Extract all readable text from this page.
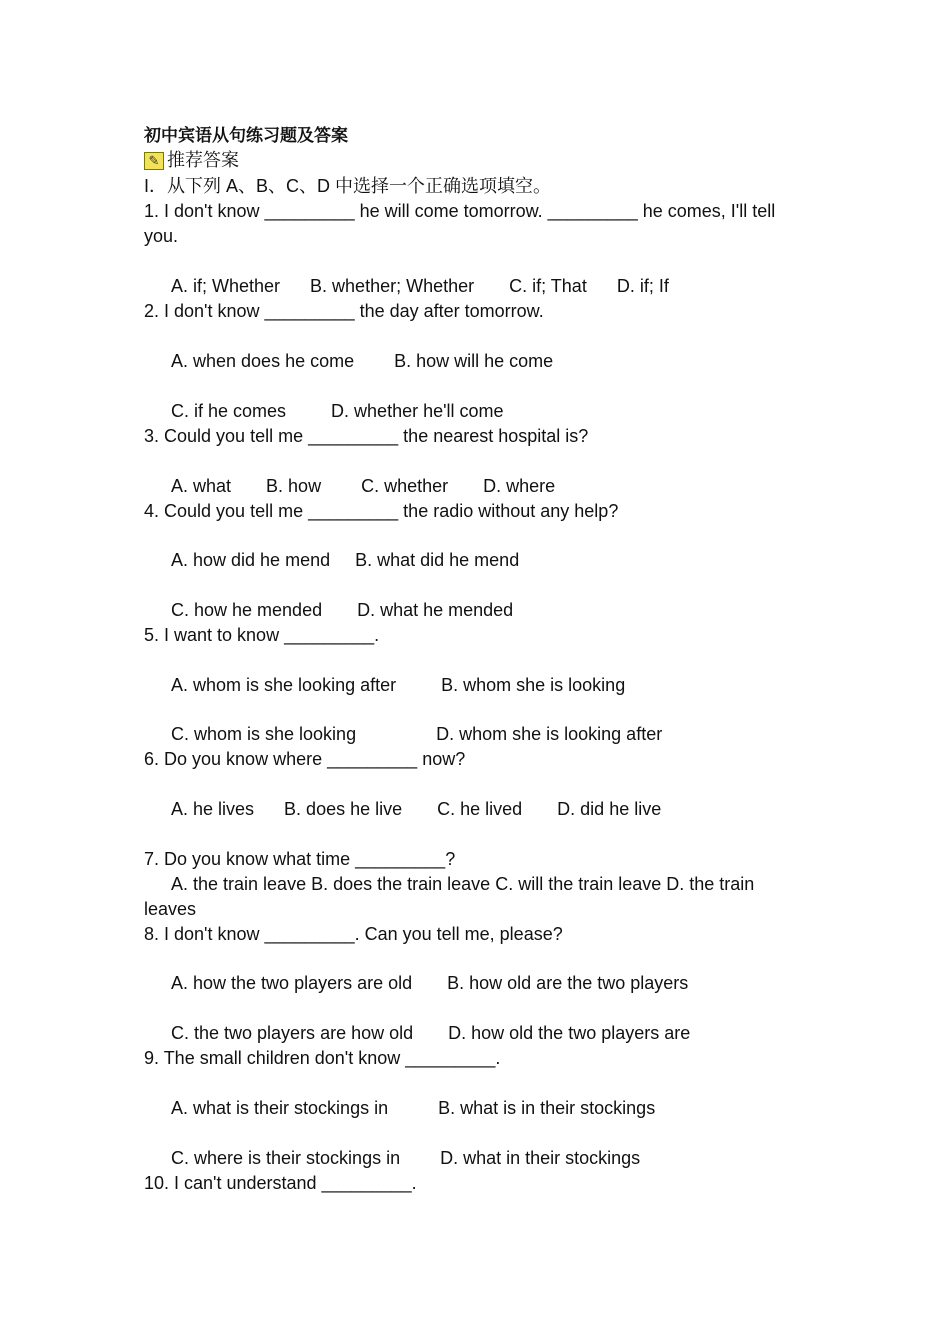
初中宾语从句练习题及答案
✎ 推荐答案
I．从下列 A、B、C、D 中选择一个正确选项填空。
1. I don't know _________ he will come tomorrow. _________ he comes, I'll tell you.
A. if; Whether      B. whether; Whether       C. if; That      D. if; If
2. I don't know _________ the day after tomorrow.
A. when does he come        B. how will he come
C. if he comes         D. whether he'll come
3. Could you tell me _________ the nearest hospital is?
A. what       B. how        C. whether       D. where
4. Could you tell me _________ the radio without any help?
A. how did he mend     B. what did he mend
C. how he mended       D. what he mended
5. I want to know _________.
A. whom is she looking after         B. whom she is looking
C. whom is she looking                D. whom she is looking after
6. Do you know where _________ now?
A. he lives      B. does he live       C. he lived       D. did he live
7. Do you know what time _________?
A. the train leave B. does the train leave C. will the train leave D. the train leaves
8. I don't know _________. Can you tell me, please?
A. how the two players are old       B. how old are the two players
C. the two players are how old       D. how old the two players are
9. The small children don't know _________.
A. what is their stockings in          B. what is in their stockings
C. where is their stockings in        D. what in their stockings
10. I can't understand _________.
